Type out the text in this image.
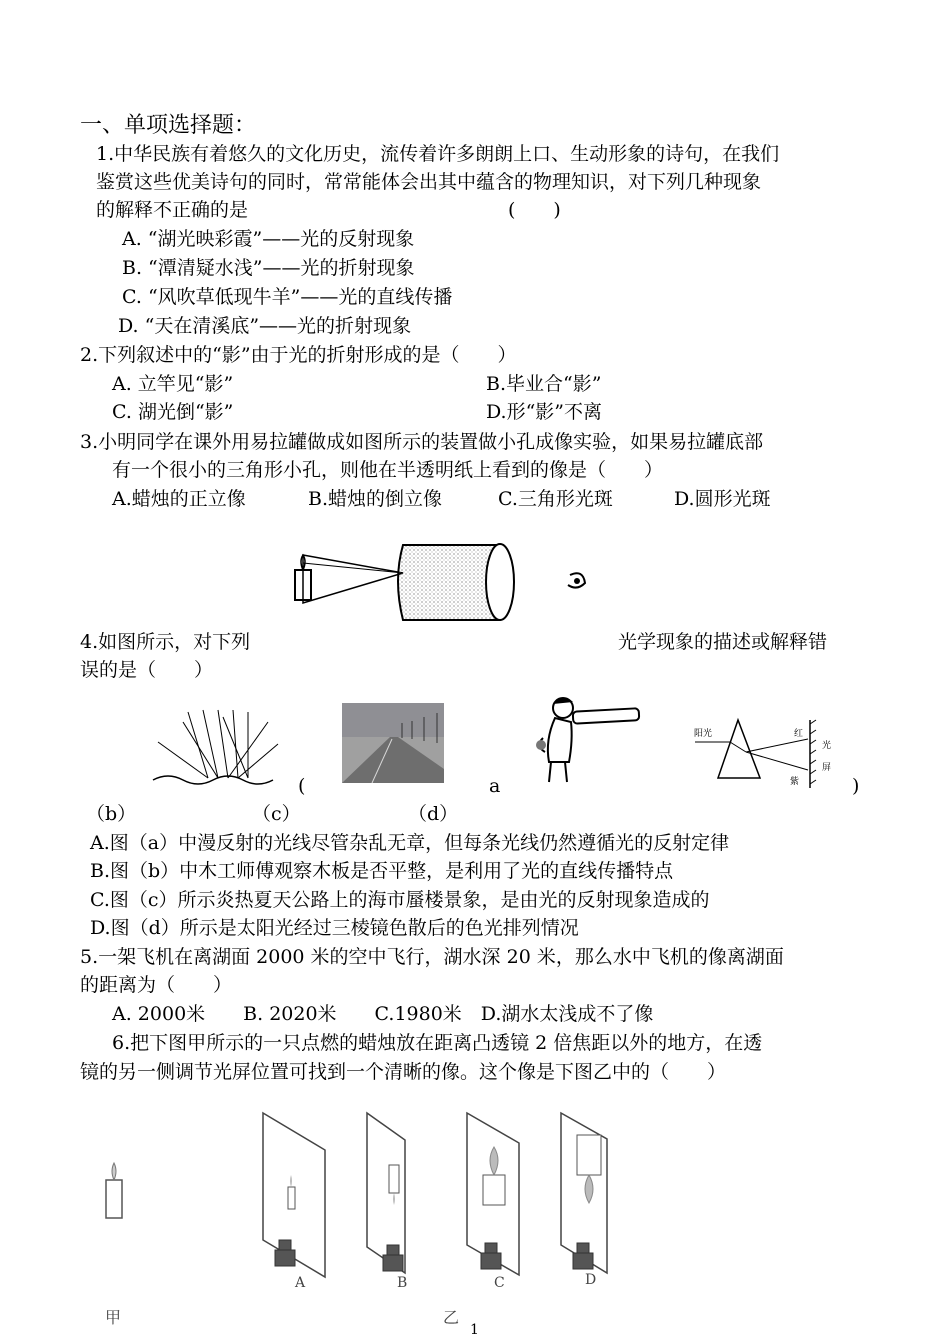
一、单项选择题：
1.中华民族有着悠久的文化历史，流传着许多朗朗上口、生动形象的诗句，在我们
鉴赏这些优美诗句的同时，常常能体会出其中蕴含的物理知识，对下列几种现象
的解释不正确的是	(　　)
A. “湖光映彩霞”——光的反射现象
B. “潭清疑水浅”——光的折射现象
C. “风吹草低现牛羊”——光的直线传播
D. “天在清溪底”——光的折射现象
2.下列叙述中的“影”由于光的折射形成的是（　　）
A. 立竿见“影”	B.毕业合“影”
C. 湖光倒“影”	D.形“影”不离
3.小明同学在课外用易拉罐做成如图所示的装置做小孔成像实验，如果易拉罐底部
有一个很小的三角形小孔，则他在半透明纸上看到的像是（　　）
A.蜡烛的正立像	B.蜡烛的倒立像	C.三角形光斑	D.圆形光斑
4.如图所示，对下列	光学现象的描述或解释错
误的是（　　）
(	a
阳光	红
紫
光
屏
)
（b）	（c）	（d）
A.图（a）中漫反射的光线尽管杂乱无章，但每条光线仍然遵循光的反射定律
B.图（b）中木工师傅观察木板是否平整，是利用了光的直线传播特点
C.图（c）所示炎热夏天公路上的海市蜃楼景象，是由光的反射现象造成的
D.图（d）所示是太阳光经过三棱镜色散后的色光排列情况
5.一架飞机在离湖面 2000 米的空中飞行，湖水深 20 米，那么水中飞机的像离湖面
的距离为（　　）
A. 2000米　　B. 2020米　　C.1980米　D.湖水太浅成不了像
6.把下图甲所示的一只点燃的蜡烛放在距离凸透镜 2 倍焦距以外的地方，在透
镜的另一侧调节光屏位置可找到一个清晰的像。这个像是下图乙中的（　　）
A	B	C	D
甲	乙
1
